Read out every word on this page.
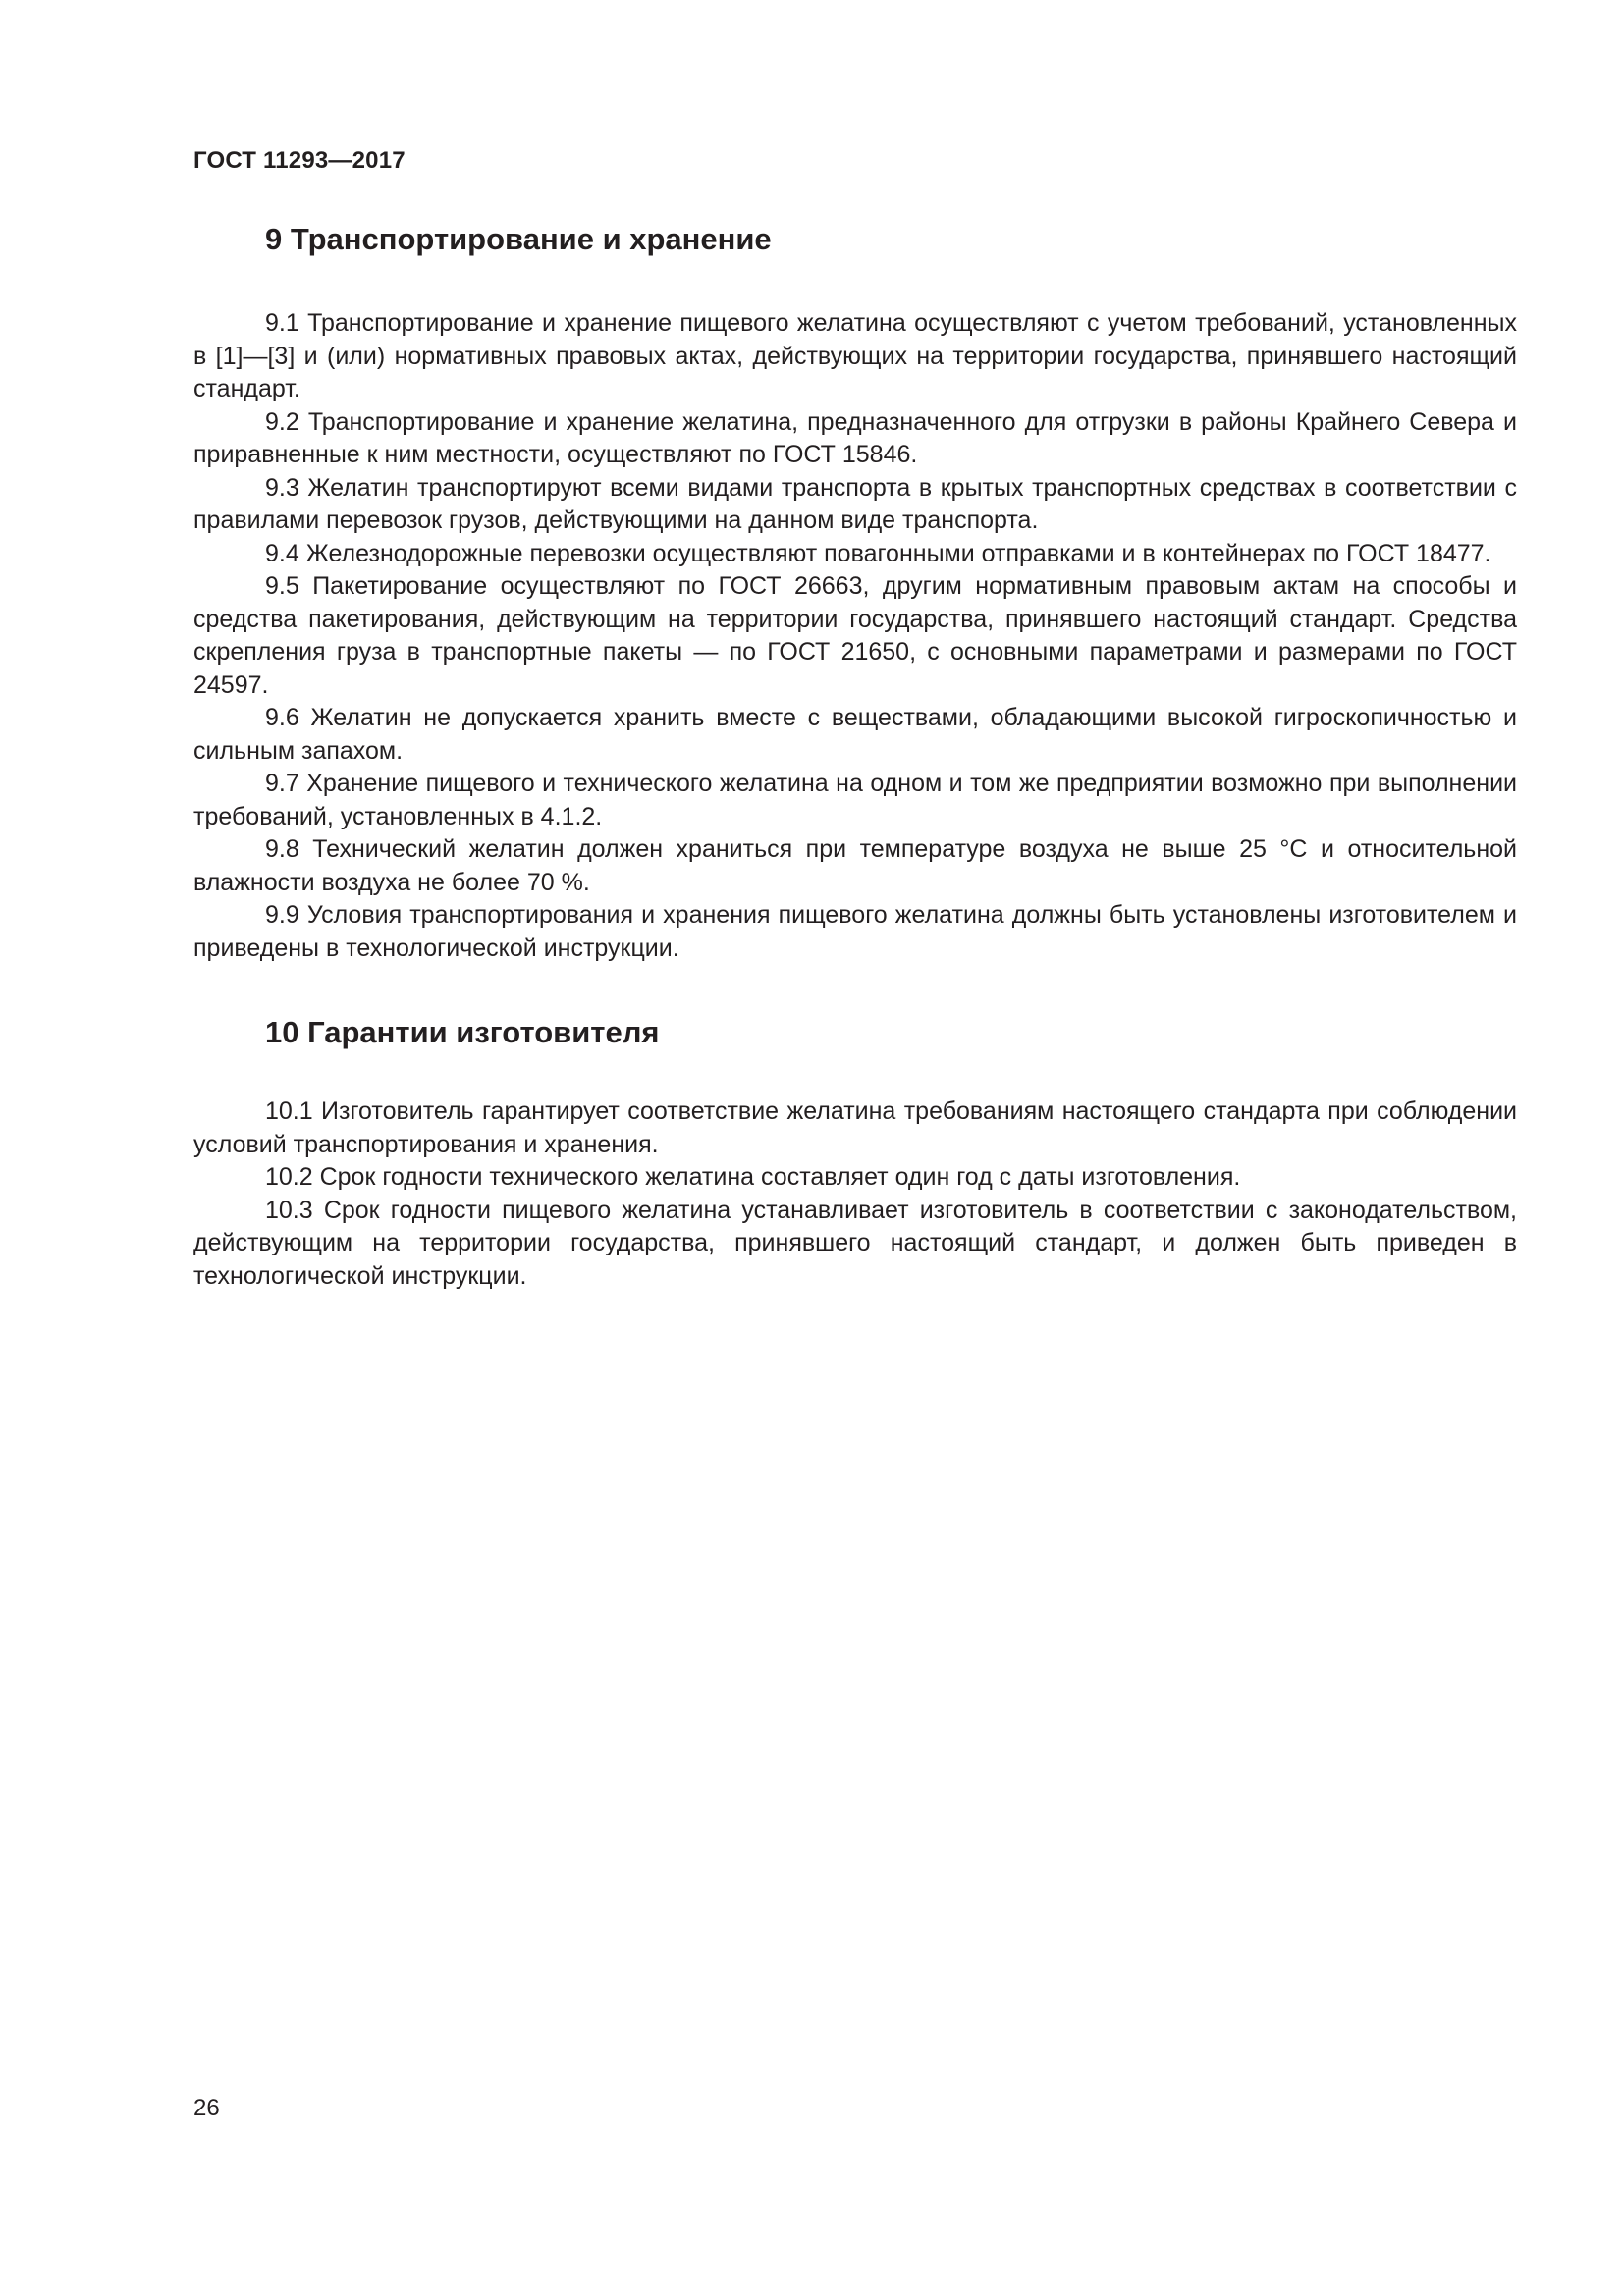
ГОСТ 11293—2017
9 Транспортирование и хранение

9.1 Транспортирование и хранение пищевого желатина осуществляют с учетом требований, установленных в [1]—[3] и (или) нормативных правовых актах, действующих на территории государства, принявшего настоящий стандарт.

9.2 Транспортирование и хранение желатина, предназначенного для отгрузки в районы Крайнего Севера и приравненные к ним местности, осуществляют по ГОСТ 15846.

9.3 Желатин транспортируют всеми видами транспорта в крытых транспортных средствах в соответствии с правилами перевозок грузов, действующими на данном виде транспорта.

9.4 Железнодорожные перевозки осуществляют повагонными отправками и в контейнерах по ГОСТ 18477.

9.5 Пакетирование осуществляют по ГОСТ 26663, другим нормативным правовым актам на способы и средства пакетирования, действующим на территории государства, принявшего настоящий стандарт. Средства скрепления груза в транспортные пакеты — по ГОСТ 21650, с основными параметрами и размерами по ГОСТ 24597.

9.6 Желатин не допускается хранить вместе с веществами, обладающими высокой гигроскопичностью и сильным запахом.

9.7 Хранение пищевого и технического желатина на одном и том же предприятии возможно при выполнении требований, установленных в 4.1.2.

9.8 Технический желатин должен храниться при температуре воздуха не выше 25 °С и относительной влажности воздуха не более 70 %.

9.9 Условия транспортирования и хранения пищевого желатина должны быть установлены изготовителем и приведены в технологической инструкции.

10 Гарантии изготовителя

10.1 Изготовитель гарантирует соответствие желатина требованиям настоящего стандарта при соблюдении условий транспортирования и хранения.

10.2 Срок годности технического желатина составляет один год с даты изготовления.

10.3 Срок годности пищевого желатина устанавливает изготовитель в соответствии с законодательством, действующим на территории государства, принявшего настоящий стандарт, и должен быть приведен в технологической инструкции.

26
